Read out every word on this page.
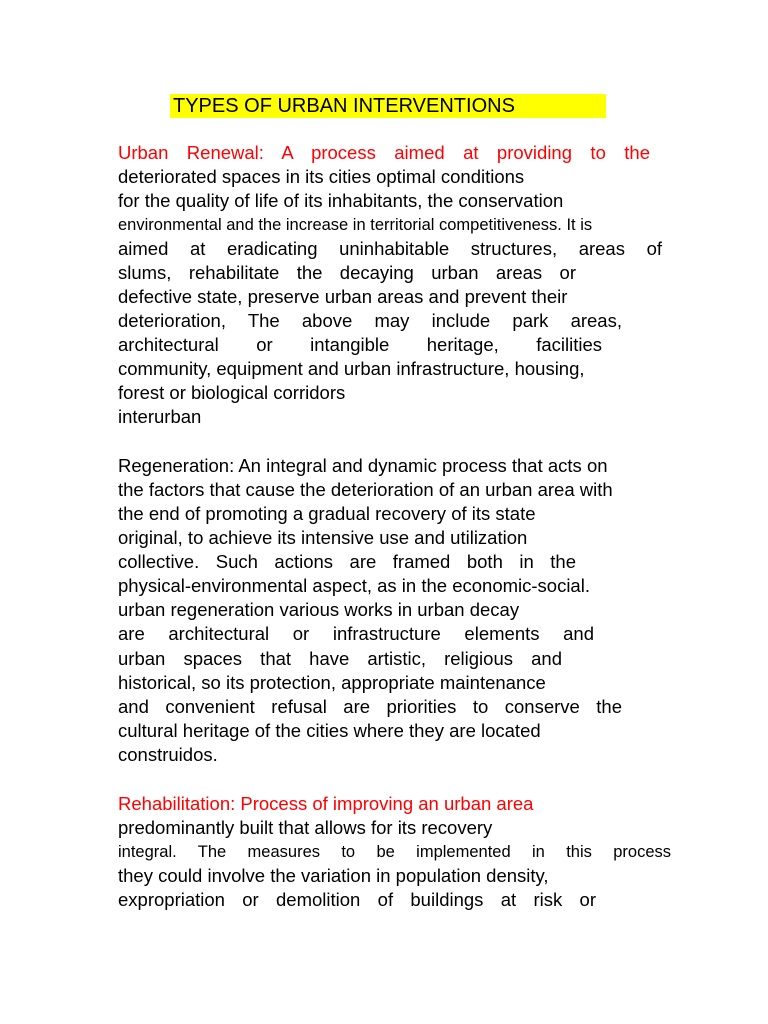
TYPES OF URBAN INTERVENTIONS
Urban Renewal: A process aimed at providing to the
deteriorated spaces in its cities optimal conditions
for the quality of life of its inhabitants, the conservation
environmental and the increase in territorial competitiveness. It is
aimed at eradicating uninhabitable structures, areas of
slums, rehabilitate the decaying urban areas or
defective state, preserve urban areas and prevent their
deterioration, The above may include park areas,
architectural or intangible heritage, facilities
community, equipment and urban infrastructure, housing,
forest or biological corridors
interurban
Regeneration: An integral and dynamic process that acts on
the factors that cause the deterioration of an urban area with
the end of promoting a gradual recovery of its state
original, to achieve its intensive use and utilization
collective. Such actions are framed both in the
physical-environmental aspect, as in the economic-social.
urban regeneration various works in urban decay
are architectural or infrastructure elements and
urban spaces that have artistic, religious and
historical, so its protection, appropriate maintenance
and convenient refusal are priorities to conserve the
cultural heritage of the cities where they are located
construidos.
Rehabilitation: Process of improving an urban area
predominantly built that allows for its recovery
integral. The measures to be implemented in this process
they could involve the variation in population density,
expropriation or demolition of buildings at risk or
